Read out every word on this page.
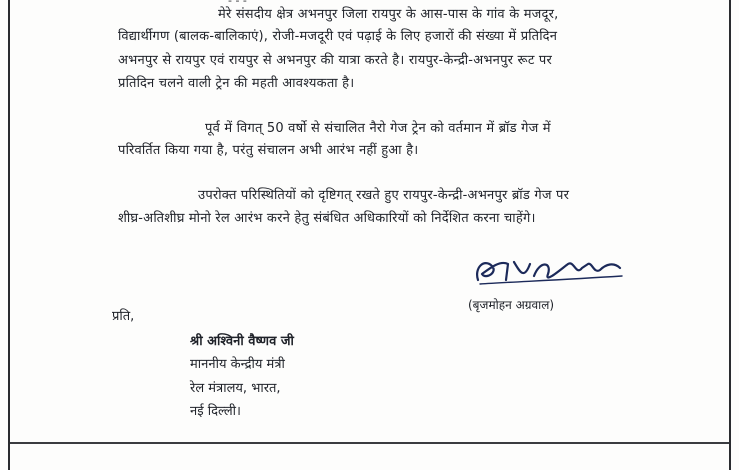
मेरे संसदीय क्षेत्र अभनपुर जिला रायपुर के आस-पास के गांव के मजदूर,
विद्यार्थीगण (बालक-बालिकाएं), रोजी-मजदूरी एवं पढ़ाई के लिए हजारों की संख्या में प्रतिदिन
अभनपुर से रायपुर एवं रायपुर से अभनपुर की यात्रा करते है। रायपुर-केन्द्री-अभनपुर रूट पर
प्रतिदिन चलने वाली ट्रेन की महती आवश्यकता है।
पूर्व में विगत् 50 वर्षो से संचालित नैरो गेज ट्रेन को वर्तमान में ब्रॉड गेज में
परिवर्तित किया गया है, परंतु संचालन अभी आरंभ नहीं हुआ है।
उपरोक्त परिस्थितियों को दृष्टिगत् रखते हुए रायपुर-केन्द्री-अभनपुर ब्रॉड गेज पर
शीघ्र-अतिशीघ्र मोनो रेल आरंभ करने हेतु संबंधित अधिकारियों को निर्देशित करना चाहेंगे।
(बृजमोहन अग्रवाल)
प्रति,
श्री अश्विनी वैष्णव जी
माननीय केन्द्रीय मंत्री
रेल मंत्रालय, भारत,
नई दिल्ली।
